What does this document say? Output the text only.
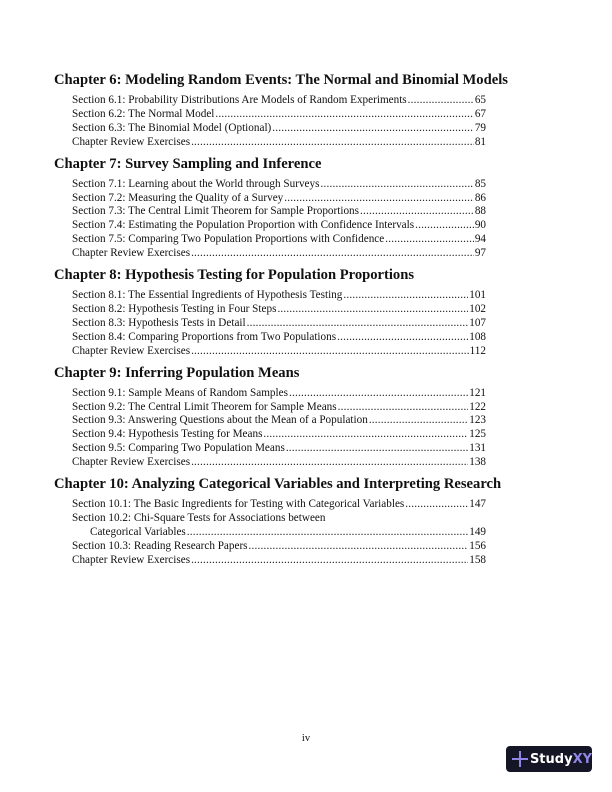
Chapter 6: Modeling Random Events: The Normal and Binomial Models
Section 6.1: Probability Distributions Are Models of Random Experiments .....	65
Section 6.2: The Normal Model .....	67
Section 6.3: The Binomial Model (Optional) .....	79
Chapter Review Exercises .....	81
Chapter 7: Survey Sampling and Inference
Section 7.1: Learning about the World through Surveys .....	85
Section 7.2: Measuring the Quality of a Survey .....	86
Section 7.3: The Central Limit Theorem for Sample Proportions .....	88
Section 7.4: Estimating the Population Proportion with Confidence Intervals .....	90
Section 7.5: Comparing Two Population Proportions with Confidence .....	94
Chapter Review Exercises .....	97
Chapter 8: Hypothesis Testing for Population Proportions
Section 8.1: The Essential Ingredients of Hypothesis Testing .....	101
Section 8.2: Hypothesis Testing in Four Steps .....	102
Section 8.3: Hypothesis Tests in Detail .....	107
Section 8.4: Comparing Proportions from Two Populations .....	108
Chapter Review Exercises .....	112
Chapter 9: Inferring Population Means
Section 9.1: Sample Means of Random Samples .....	121
Section 9.2: The Central Limit Theorem for Sample Means .....	122
Section 9.3: Answering Questions about the Mean of a Population .....	123
Section 9.4: Hypothesis Testing for Means .....	125
Section 9.5: Comparing Two Population Means .....	131
Chapter Review Exercises .....	138
Chapter 10: Analyzing Categorical Variables and Interpreting Research
Section 10.1: The Basic Ingredients for Testing with Categorical Variables .....	147
Section 10.2: Chi-Square Tests for Associations between
Categorical Variables .....	149
Section 10.3: Reading Research Papers .....	156
Chapter Review Exercises .....	158
iv
StudyXY
